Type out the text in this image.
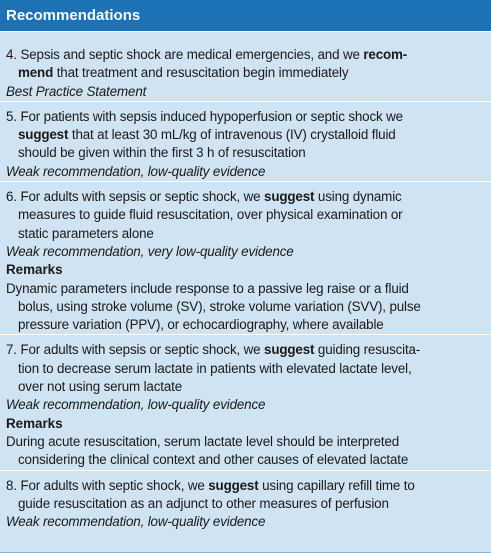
Recommendations
4. Sepsis and septic shock are medical emergencies, and we recom-
mend that treatment and resuscitation begin immediately
Best Practice Statement
5. For patients with sepsis induced hypoperfusion or septic shock we
suggest that at least 30 mL/kg of intravenous (IV) crystalloid fluid
should be given within the first 3 h of resuscitation
Weak recommendation, low-quality evidence
6. For adults with sepsis or septic shock, we suggest using dynamic
measures to guide fluid resuscitation, over physical examination or
static parameters alone
Weak recommendation, very low-quality evidence
Remarks
Dynamic parameters include response to a passive leg raise or a fluid
bolus, using stroke volume (SV), stroke volume variation (SVV), pulse
pressure variation (PPV), or echocardiography, where available
7. For adults with sepsis or septic shock, we suggest guiding resuscita-
tion to decrease serum lactate in patients with elevated lactate level,
over not using serum lactate
Weak recommendation, low-quality evidence
Remarks
During acute resuscitation, serum lactate level should be interpreted
considering the clinical context and other causes of elevated lactate
8. For adults with septic shock, we suggest using capillary refill time to
guide resuscitation as an adjunct to other measures of perfusion
Weak recommendation, low-quality evidence
